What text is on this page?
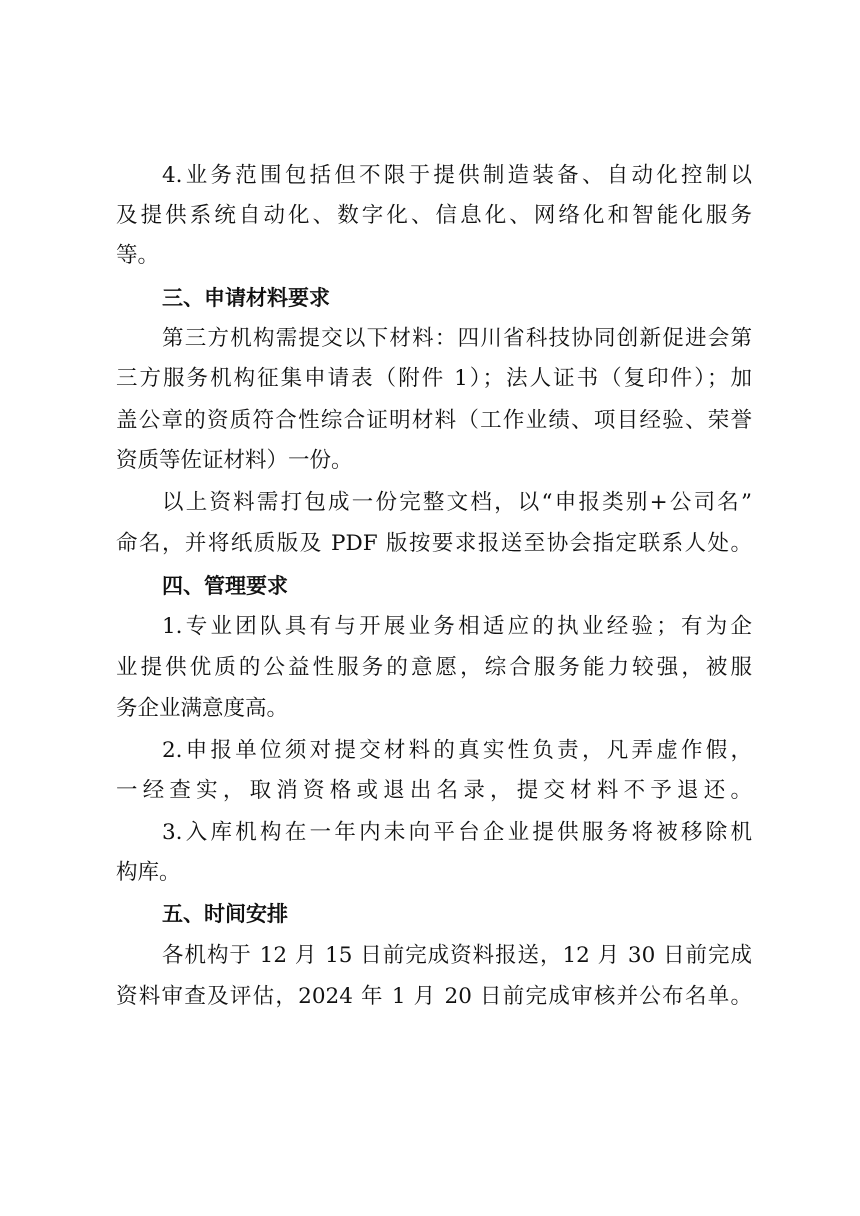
4.业务范围包括但不限于提供制造装备、自动化控制以
及提供系统自动化、数字化、信息化、网络化和智能化服务
等。
三、申请材料要求
第三方机构需提交以下材料：四川省科技协同创新促进会第
三方服务机构征集申请表（附件 1）；法人证书（复印件）；加
盖公章的资质符合性综合证明材料（工作业绩、项目经验、荣誉
资质等佐证材料）一份。
以上资料需打包成一份完整文档，以“申报类别+公司名”
命名，并将纸质版及 PDF 版按要求报送至协会指定联系人处。
四、管理要求
1.专业团队具有与开展业务相适应的执业经验；有为企
业提供优质的公益性服务的意愿，综合服务能力较强，被服
务企业满意度高。
2.申报单位须对提交材料的真实性负责，凡弄虚作假，
一经查实，取消资格或退出名录，提交材料不予退还。
3.入库机构在一年内未向平台企业提供服务将被移除机
构库。
五、时间安排
各机构于 12 月 15 日前完成资料报送，12 月 30 日前完成
资料审查及评估，2024 年 1 月 20 日前完成审核并公布名单。
